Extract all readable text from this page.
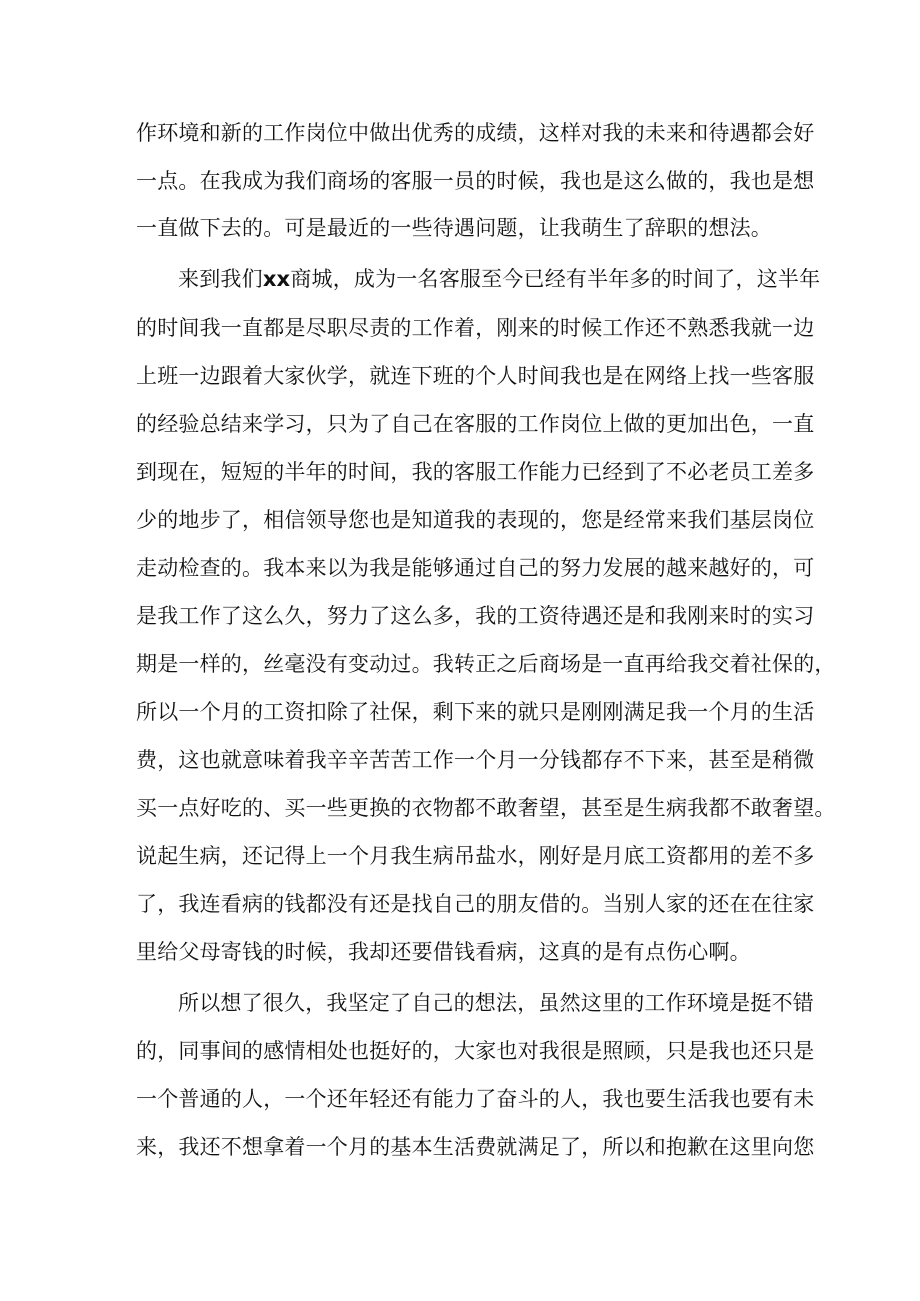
作环境和新的工作岗位中做出优秀的成绩，这样对我的未来和待遇都会好
一点。在我成为我们商场的客服一员的时候，我也是这么做的，我也是想
一直做下去的。可是最近的一些待遇问题，让我萌生了辞职的想法。
来到我们xx商城，成为一名客服至今已经有半年多的时间了，这半年
的时间我一直都是尽职尽责的工作着，刚来的时候工作还不熟悉我就一边
上班一边跟着大家伙学，就连下班的个人时间我也是在网络上找一些客服
的经验总结来学习，只为了自己在客服的工作岗位上做的更加出色，一直
到现在，短短的半年的时间，我的客服工作能力已经到了不必老员工差多
少的地步了，相信领导您也是知道我的表现的，您是经常来我们基层岗位
走动检查的。我本来以为我是能够通过自己的努力发展的越来越好的，可
是我工作了这么久，努力了这么多，我的工资待遇还是和我刚来时的实习
期是一样的，丝毫没有变动过。我转正之后商场是一直再给我交着社保的，
所以一个月的工资扣除了社保，剩下来的就只是刚刚满足我一个月的生活
费，这也就意味着我辛辛苦苦工作一个月一分钱都存不下来，甚至是稍微
买一点好吃的、买一些更换的衣物都不敢奢望，甚至是生病我都不敢奢望。
说起生病，还记得上一个月我生病吊盐水，刚好是月底工资都用的差不多
了，我连看病的钱都没有还是找自己的朋友借的。当别人家的还在在往家
里给父母寄钱的时候，我却还要借钱看病，这真的是有点伤心啊。
所以想了很久，我坚定了自己的想法，虽然这里的工作环境是挺不错
的，同事间的感情相处也挺好的，大家也对我很是照顾，只是我也还只是
一个普通的人，一个还年轻还有能力了奋斗的人，我也要生活我也要有未
来，我还不想拿着一个月的基本生活费就满足了，所以和抱歉在这里向您
